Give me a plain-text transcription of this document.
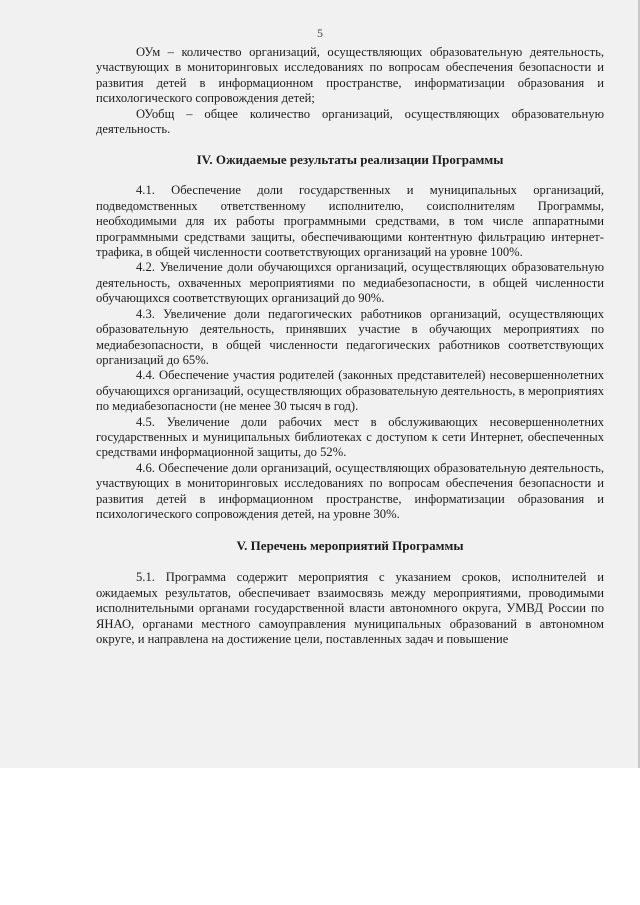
5

ОУм – количество организаций, осуществляющих образовательную деятельность, участвующих в мониторинговых исследованиях по вопросам обеспечения безопасности и развития детей в информационном пространстве, информатизации образования и психологического сопровождения детей;

ОУобщ – общее количество организаций, осуществляющих образовательную деятельность.

IV. Ожидаемые результаты реализации Программы

4.1. Обеспечение доли государственных и муниципальных организаций, подведомственных ответственному исполнителю, соисполнителям Программы, необходимыми для их работы программными средствами, в том числе аппаратными программными средствами защиты, обеспечивающими контентную фильтрацию интернет-трафика, в общей численности соответствующих организаций на уровне 100%.

4.2. Увеличение доли обучающихся организаций, осуществляющих образовательную деятельность, охваченных мероприятиями по медиабезопасности, в общей численности обучающихся соответствующих организаций до 90%.

4.3. Увеличение доли педагогических работников организаций, осуществляющих образовательную деятельность, принявших участие в обучающих мероприятиях по медиабезопасности, в общей численности педагогических работников соответствующих организаций до 65%.

4.4. Обеспечение участия родителей (законных представителей) несовершеннолетних обучающихся организаций, осуществляющих образовательную деятельность, в мероприятиях по медиабезопасности (не менее 30 тысяч в год).

4.5. Увеличение доли рабочих мест в обслуживающих несовершеннолетних государственных и муниципальных библиотеках с доступом к сети Интернет, обеспеченных средствами информационной защиты, до 52%.

4.6. Обеспечение доли организаций, осуществляющих образовательную деятельность, участвующих в мониторинговых исследованиях по вопросам обеспечения безопасности и развития детей в информационном пространстве, информатизации образования и психологического сопровождения детей, на уровне 30%.

V. Перечень мероприятий Программы

5.1. Программа содержит мероприятия с указанием сроков, исполнителей и ожидаемых результатов, обеспечивает взаимосвязь между мероприятиями, проводимыми исполнительными органами государственной власти автономного округа, УМВД России по ЯНАО, органами местного самоуправления муниципальных образований в автономном округе, и направлена на достижение цели, поставленных задач и повышение
